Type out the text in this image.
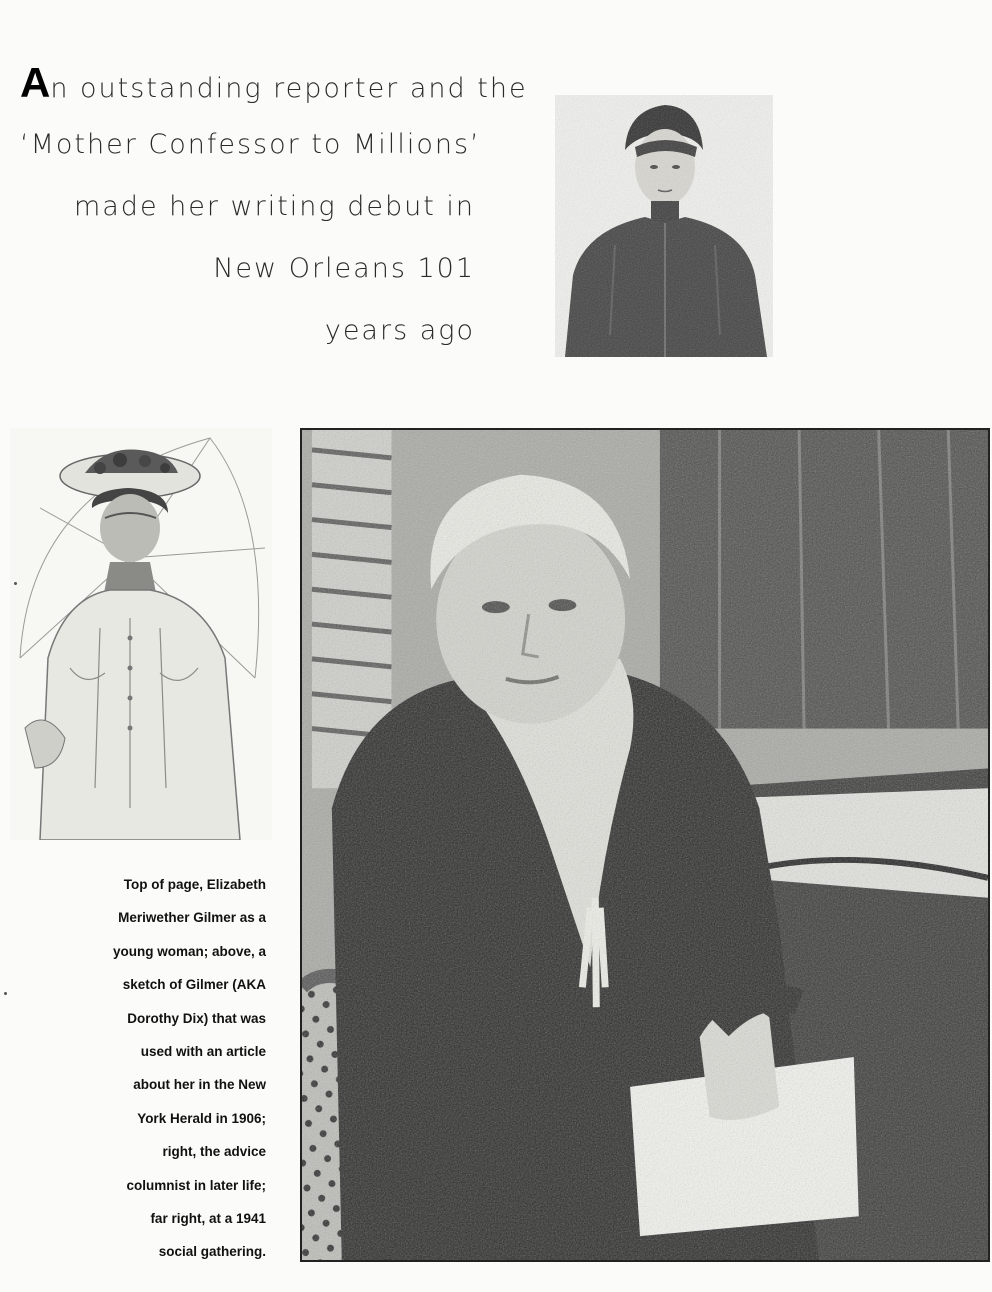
An outstanding reporter and the
‘Mother Confessor to Millions’
made her writing debut in
New Orleans 101
years ago
Top of page, Elizabeth
Meriwether Gilmer as a
young woman; above, a
sketch of Gilmer (AKA
Dorothy Dix) that was
used with an article
about her in the New
York Herald in 1906;
right, the advice
columnist in later life;
far right, at a 1941
social gathering.
